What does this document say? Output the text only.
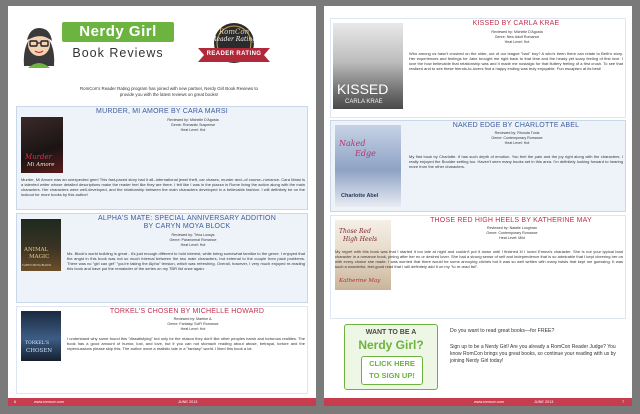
Nerdy Girl
Book Reviews
RomCon
Reader Rating
READER RATING
RomCon's Reader Rating program has joined with new partner, Nerdy Girl Book Reviews to provide you with the latest reviews on great books!
MURDER, MI AMORE BY CARA MARSI
Murder
Mi Amore
Reviewed by: Michelle D'Agosta
Genre: Romantic Suspense
Heat Level: Hot
Murder, Mi Amore was an unexpected gem! This fast-paced story had it all--international jewel theft, car chases, murder and--of course--romance. Cara Marsi is a talented writer whose detailed descriptions make the reader feel like they are there. I felt like I was in the piazza in Rome living the action along with the main characters. Her characters were well-developed, and the relationship between the main characters developed in a believable fashion. I will definitely be on the lookout for more books by this author!
ALPHA'S MATE: SPECIAL ANNIVERSARY ADDITION
BY CARYN MOYA BLOCK
ANIMAL
MAGIC
CARYN MOYA BLOCK
Reviewed by: Trina Loosys
Genre: Paranormal Romance
Heat Level: Hot
Ms. Block's world building is great - it's just enough different to hold interest, while being somewhat familiar to the genre. I enjoyed that the angst in this book was not so much internal between the two main characters, but external to the couple from pack problems. There was no "girl can get" "you're taking the Alpha" tension, which was refreshing. Overall, however, I very much enjoyed re-reading this book and have put the remainder of the series on my TBR list once again.
TORKEL'S CHOSEN BY MICHELLE HOWARD
TORKEL'S
CHOSEN
Reviewed by: Martine A.
Genre: Fantasy/ SciFi Romance
Heat Level: Hot
I understand why some found this "dissatisfying" but only for the reason they don't like other peoples harsh and torturous realities. The book has a good amount of humor, lust, and love, but if you can not stomach reading about abuse, betrayal, torture and the repercussions please skip this. The author wove a realistic tale in a "fantasy" world. I liked this book a lot.
6	www.romcon.com	JUNE 2013
KISSED BY CARLA KRAE
KISSED
CARLA KRAE
Reviewed by: Michelle D'Agosta
Genre: New Adult Romance
Heat Level: Hot
Who among us hasn't crushed on the older, out of our league "bad" boy? A who's been there can relate to Beth's story. Her experiences and feelings for Jake brought me right back to that time and the heady yet scary feeling of first love. I love the how believable that relationship was and it made me nostalgic for that fluttery feeling of a first crush. To see that realized and to see these friends-to-lovers find a happy ending was truly enjoyable. Fun escapism at its best!
NAKED EDGE BY CHARLOTTE ABEL
Naked
Edge
Charlotte Abel
Reviewed by: Rhonda Tunis
Genre: Contemporary Romance
Heat Level: Hot
My first book by Charlotte. It has such depth of emotion. You feel the pain and the joy right along with the characters. I really enjoyed the Boulder setting too. Haven't seen many books set in this area. I'm definitely looking forward to hearing more from the other characters.
THOSE RED HIGH HEELS BY KATHERINE MAY
Those Red
High Heels
Katherine May
Reviewed by: Natalie Loughran
Genre: Contemporary Romance
Heat Level: Mild
My regret with this book was that I started it too late at night and couldn't put it down until I finished it! I loved Emma's character. She is not your typical lead character in a romance book, pining after her ex or desired lover. She had a strong sense of self and independence that is so admirable that I kept cheering her on with every choice she made. I was worried that there would be some annoying clichés but it was so well written with many twists that kept me guessing. It was such a wonderful, feel-good read that I will definitely add it on my "to re-read list".
WANT TO BE A
Nerdy Girl?
CLICK HERE
TO SIGN UP!
Do you want to read great books—for FREE?
Sign up to be a Nerdy Girl! Are you already a RomCon Reader Judge? You know RomCon brings you great books, so continue your reading with us by joining Nerdy Girl today!
www.romcon.com	JUNE 2013	7
